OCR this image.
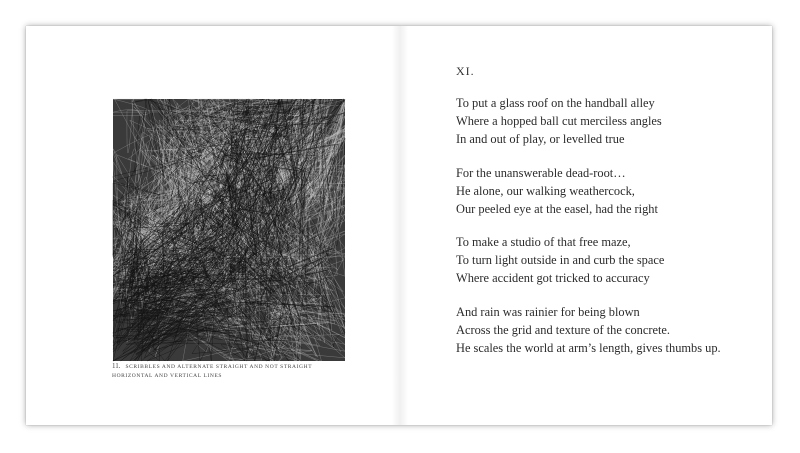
11. SCRIBBLES AND ALTERNATE STRAIGHT AND NOT STRAIGHT HORIZONTAL AND VERTICAL LINES
XI.
To put a glass roof on the handball alley
Where a hopped ball cut merciless angles
In and out of play, or levelled true
For the unanswerable dead-root…
He alone, our walking weathercock,
Our peeled eye at the easel, had the right
To make a studio of that free maze,
To turn light outside in and curb the space
Where accident got tricked to accuracy
And rain was rainier for being blown
Across the grid and texture of the concrete.
He scales the world at arm’s length, gives thumbs up.
